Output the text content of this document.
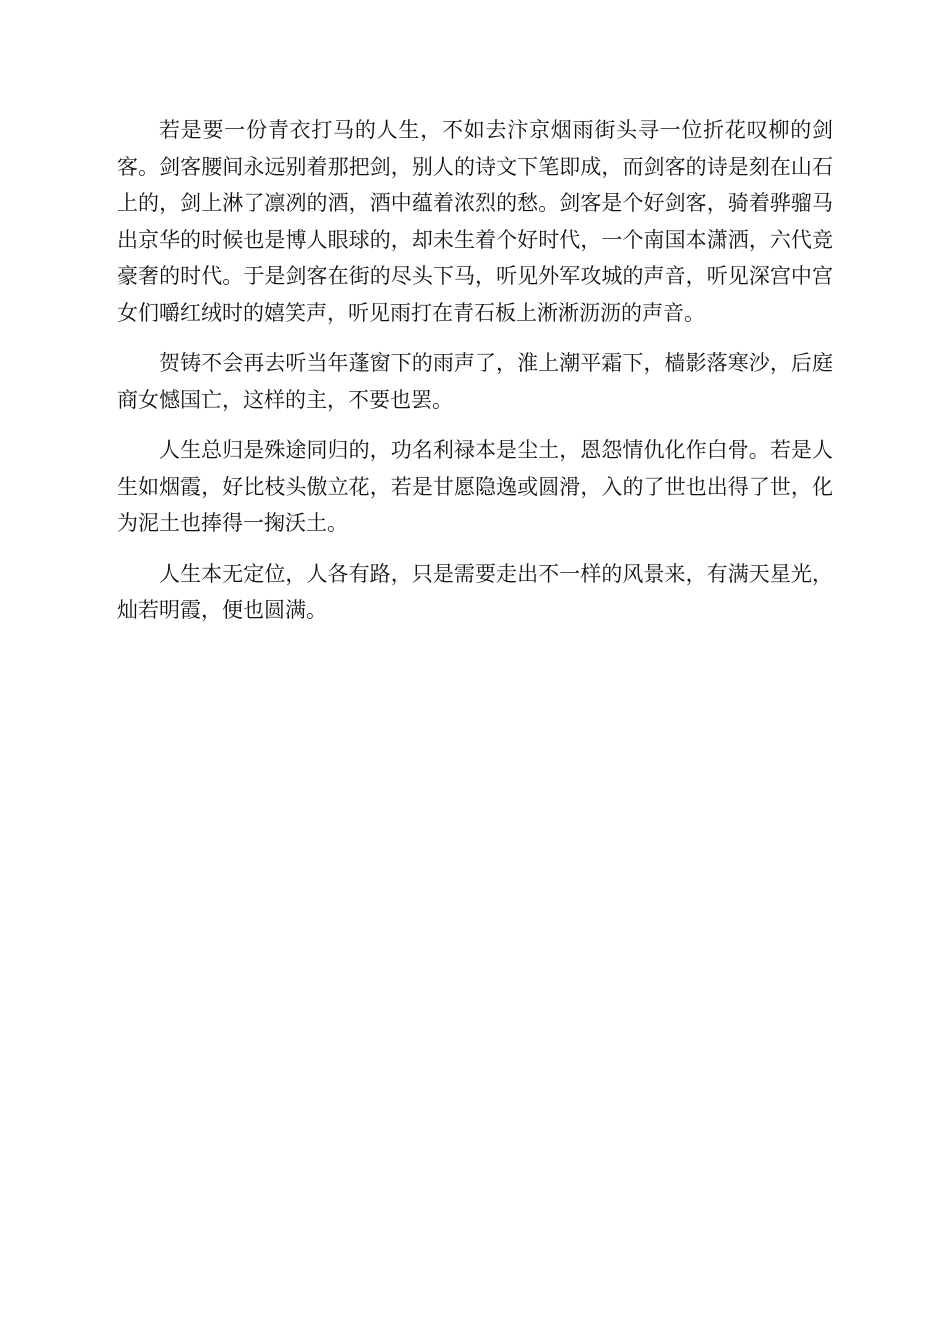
若是要一份青衣打马的人生，不如去汴京烟雨街头寻一位折花叹柳的剑客。剑客腰间永远别着那把剑，别人的诗文下笔即成，而剑客的诗是刻在山石上的，剑上淋了凛冽的酒，酒中蕴着浓烈的愁。剑客是个好剑客，骑着骅骝马出京华的时候也是博人眼球的，却未生着个好时代，一个南国本潇洒，六代竞豪奢的时代。于是剑客在街的尽头下马，听见外军攻城的声音，听见深宫中宫女们嚼红绒时的嬉笑声，听见雨打在青石板上淅淅沥沥的声音。

贺铸不会再去听当年蓬窗下的雨声了，淮上潮平霜下，樯影落寒沙，后庭商女憾国亡，这样的主，不要也罢。

人生总归是殊途同归的，功名利禄本是尘土，恩怨情仇化作白骨。若是人生如烟霞，好比枝头傲立花，若是甘愿隐逸或圆滑，入的了世也出得了世，化为泥土也捧得一掬沃土。

人生本无定位，人各有路，只是需要走出不一样的风景来，有满天星光，灿若明霞，便也圆满。
